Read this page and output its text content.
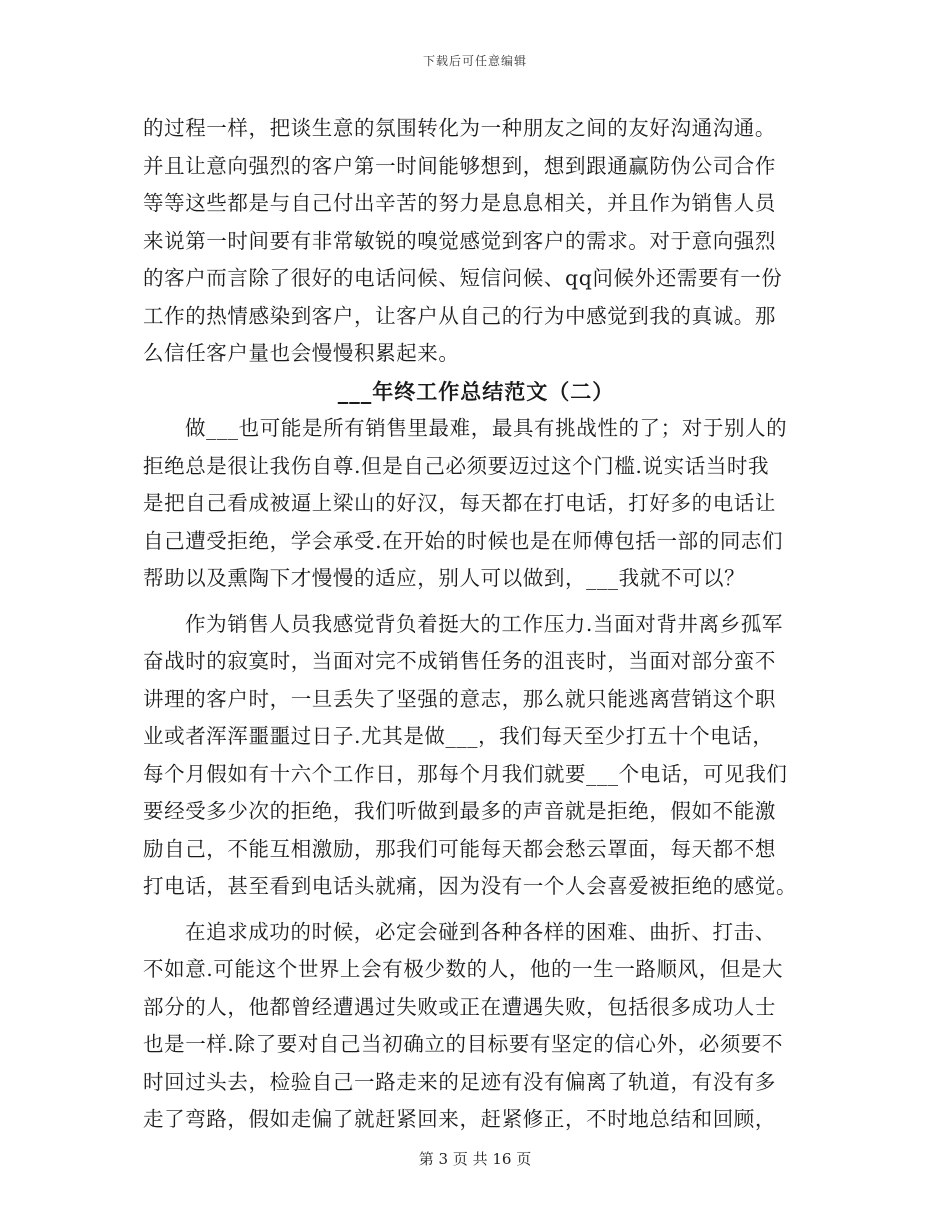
下载后可任意编辑
的过程一样，把谈生意的氛围转化为一种朋友之间的友好沟通沟通。
并且让意向强烈的客户第一时间能够想到，想到跟通赢防伪公司合作
等等这些都是与自己付出辛苦的努力是息息相关，并且作为销售人员
来说第一时间要有非常敏锐的嗅觉感觉到客户的需求。对于意向强烈
的客户而言除了很好的电话问候、短信问候、qq问候外还需要有一份
工作的热情感染到客户，让客户从自己的行为中感觉到我的真诚。那
么信任客户量也会慢慢积累起来。
___年终工作总结范文（二）
做___也可能是所有销售里最难，最具有挑战性的了；对于别人的
拒绝总是很让我伤自尊.但是自己必须要迈过这个门槛.说实话当时我
是把自己看成被逼上梁山的好汉，每天都在打电话，打好多的电话让
自己遭受拒绝，学会承受.在开始的时候也是在师傅包括一部的同志们
帮助以及熏陶下才慢慢的适应，别人可以做到，___我就不可以？
作为销售人员我感觉背负着挺大的工作压力.当面对背井离乡孤军
奋战时的寂寞时，当面对完不成销售任务的沮丧时，当面对部分蛮不
讲理的客户时，一旦丢失了坚强的意志，那么就只能逃离营销这个职
业或者浑浑噩噩过日子.尤其是做___，我们每天至少打五十个电话，
每个月假如有十六个工作日，那每个月我们就要___个电话，可见我们
要经受多少次的拒绝，我们听做到最多的声音就是拒绝，假如不能激
励自己，不能互相激励，那我们可能每天都会愁云罩面，每天都不想
打电话，甚至看到电话头就痛，因为没有一个人会喜爱被拒绝的感觉。
在追求成功的时候，必定会碰到各种各样的困难、曲折、打击、
不如意.可能这个世界上会有极少数的人，他的一生一路顺风，但是大
部分的人，他都曾经遭遇过失败或正在遭遇失败，包括很多成功人士
也是一样.除了要对自己当初确立的目标要有坚定的信心外，必须要不
时回过头去，检验自己一路走来的足迹有没有偏离了轨道，有没有多
走了弯路，假如走偏了就赶紧回来，赶紧修正，不时地总结和回顾，
第 3 页 共 16 页
